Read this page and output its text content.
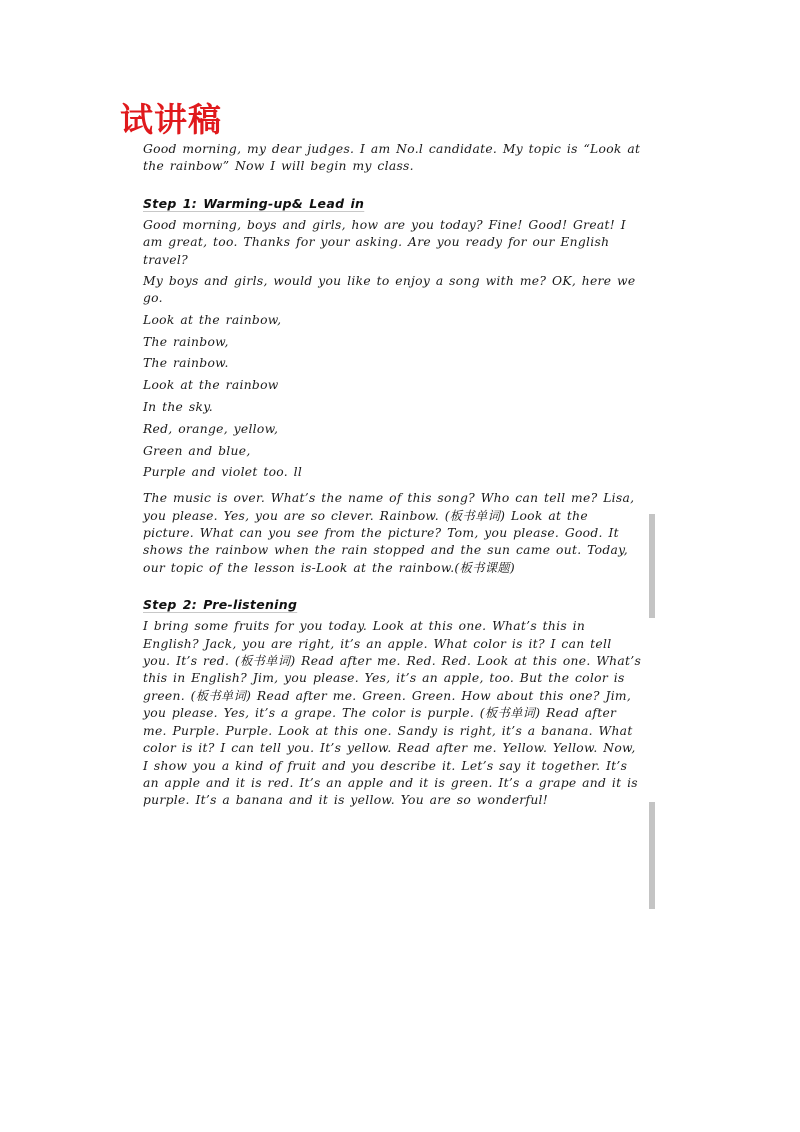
试讲稿

Good morning, my dear judges. I am No.l candidate. My topic is “Look at the rainbow” Now I will begin my class.

Step 1: Warming-up& Lead in

Good morning, boys and girls, how are you today? Fine! Good! Great! I am great, too. Thanks for your asking. Are you ready for our English travel?

My boys and girls, would you like to enjoy a song with me? OK, here we go.

Look at the rainbow,

The rainbow,

The rainbow.

Look at the rainbow

In the sky.

Red, orange, yellow,

Green and blue,

Purple and violet too. ll

The music is over. What’s the name of this song? Who can tell me? Lisa, you please. Yes, you are so clever. Rainbow. (板书单词) Look at the picture. What can you see from the picture? Tom, you please. Good. It shows the rainbow when the rain stopped and the sun came out. Today, our topic of the lesson is-Look at the rainbow.(板书课题)

Step 2: Pre-listening

I bring some fruits for you today. Look at this one. What’s this in English? Jack, you are right, it’s an apple. What color is it? I can tell you. It’s red. (板书单词) Read after me. Red. Red. Look at this one. What’s this in English? Jim, you please. Yes, it’s an apple, too. But the color is green. (板书单词) Read after me. Green. Green. How about this one? Jim, you please. Yes, it’s a grape. The color is purple. (板书单词) Read after me. Purple. Purple. Look at this one. Sandy is right, it’s a banana. What color is it? I can tell you. It’s yellow. Read after me. Yellow. Yellow. Now, I show you a kind of fruit and you describe it. Let’s say it together. It’s an apple and it is red. It’s an apple and it is green. It’s a grape and it is purple. It’s a banana and it is yellow. You are so wonderful!
